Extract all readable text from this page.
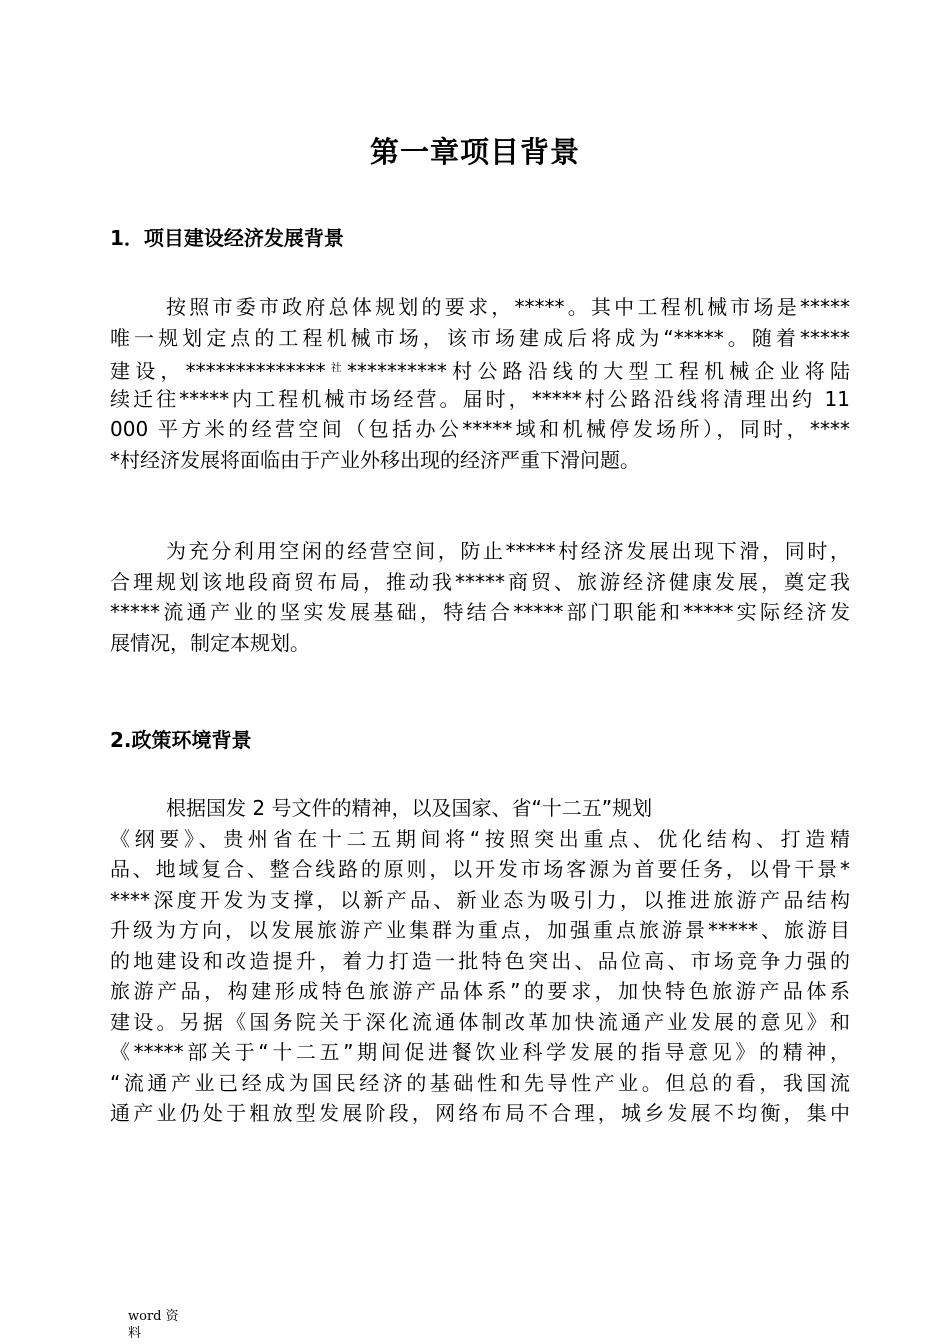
第一章项目背景
1．项目建设经济发展背景
按照市委市政府总体规划的要求，*****。其中工程机械市场是*****
唯一规划定点的工程机械市场，该市场建成后将成为“*****。随着*****
建设，**************$^社$**********村公路沿线的大型工程机械企业将陆
续迁往*****内工程机械市场经营。届时，*****村公路沿线将清理出约 11
000 平方米的经营空间（包括办公*****域和机械停发场所），同时，****
*村经济发展将面临由于产业外移出现的经济严重下滑问题。
为充分利用空闲的经营空间，防止*****村经济发展出现下滑，同时，
合理规划该地段商贸布局，推动我*****商贸、旅游经济健康发展，奠定我
*****流通产业的坚实发展基础，特结合*****部门职能和*****实际经济发
展情况，制定本规划。
2.政策环境背景
根据国发 2 号文件的精神，以及国家、省“十二五”规划
《纲要》、贵州省在十二五期间将“按照突出重点、优化结构、打造精
品、地域复合、整合线路的原则，以开发市场客源为首要任务，以骨干景*
****深度开发为支撑，以新产品、新业态为吸引力，以推进旅游产品结构
升级为方向，以发展旅游产业集群为重点，加强重点旅游景*****、旅游目
的地建设和改造提升，着力打造一批特色突出、品位高、市场竞争力强的
旅游产品，构建形成特色旅游产品体系”的要求，加快特色旅游产品体系
建设。另据《国务院关于深化流通体制改革加快流通产业发展的意见》和
《*****部关于“十二五”期间促进餐饮业科学发展的指导意见》的精神，
“流通产业已经成为国民经济的基础性和先导性产业。但总的看，我国流
通产业仍处于粗放型发展阶段，网络布局不合理，城乡发展不均衡，集中
word 资
料
